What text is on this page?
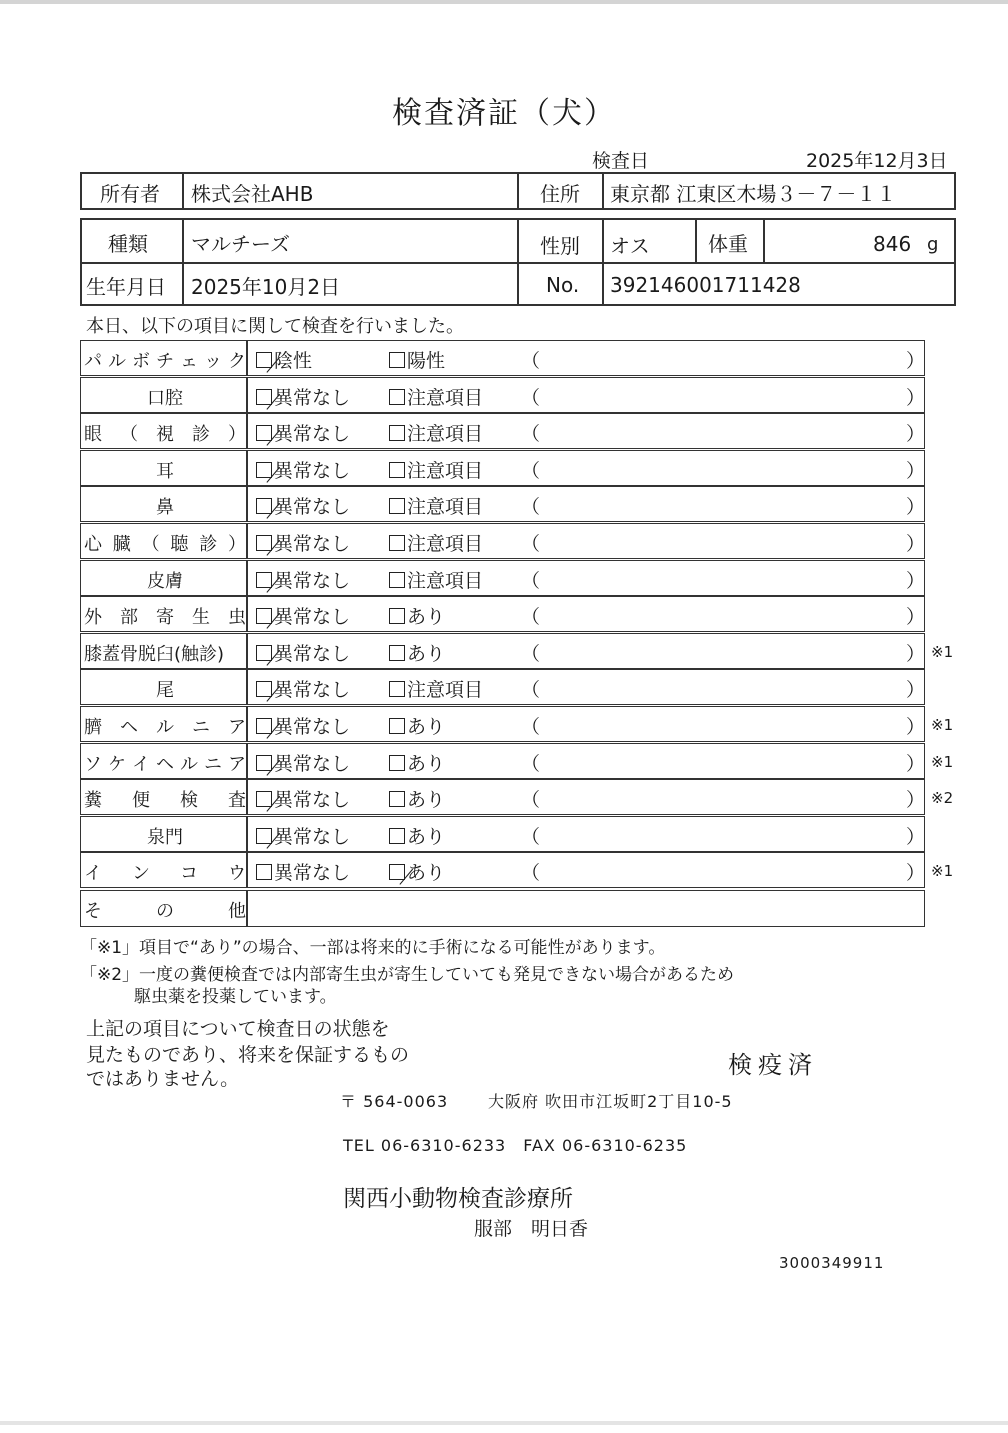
検査済証（犬）
検査日	2025年12月3日
所有者 株式会社AHB	住所 東京都 江東区木場３－７－１１
種類 マルチーズ	性別 オス	体重	846 g
生年月日 2025年10月2日	No. 392146001711428
本日、以下の項目に関して検査を行いました。
パ ル ボ チ ェ ッ ク 陰性	陽性	（	）
口 腔	異常なし	注意項目 （	）
眼 （ 視 診 ） 異常なし	注意項目 （	）
耳	異常なし	注意項目 （	）
鼻	異常なし	注意項目 （	）
心 臓 （ 聴 診 ） 異常なし	注意項目 （	）
皮 膚	異常なし	注意項目 （	）
外 部 寄 生 虫 異常なし	あり	（	）
膝蓋骨脱臼(触診)	異常なし	あり	（	） ※1
尾	異常なし	注意項目 （	）
臍 ヘ ル ニ ア 異常なし	あり	（	） ※1
ソ ケ イ ヘ ル ニ ア 異常なし	あり	（	） ※1
糞 便 検 査 異常なし	あり	（	） ※2
泉 門	異常なし	あり	（	）
イ ン コ ウ 異常なし	あり	（	） ※1
そ	の	他
「※1」項目で“あり”の場合、一部は将来的に手術になる可能性があります。
「※2」一度の糞便検査では内部寄生虫が寄生していても発見できない場合があるため
駆虫薬を投薬しています。
上記の項目について検査日の状態を
見たものであり、将来を保証するもの
ではありません。	検疫済
〒 564-0063 大阪府 吹田市江坂町2丁目10-5
TEL 06-6310-6233　FAX 06-6310-6235
関西小動物検査診療所
服部　明日香
3000349911
